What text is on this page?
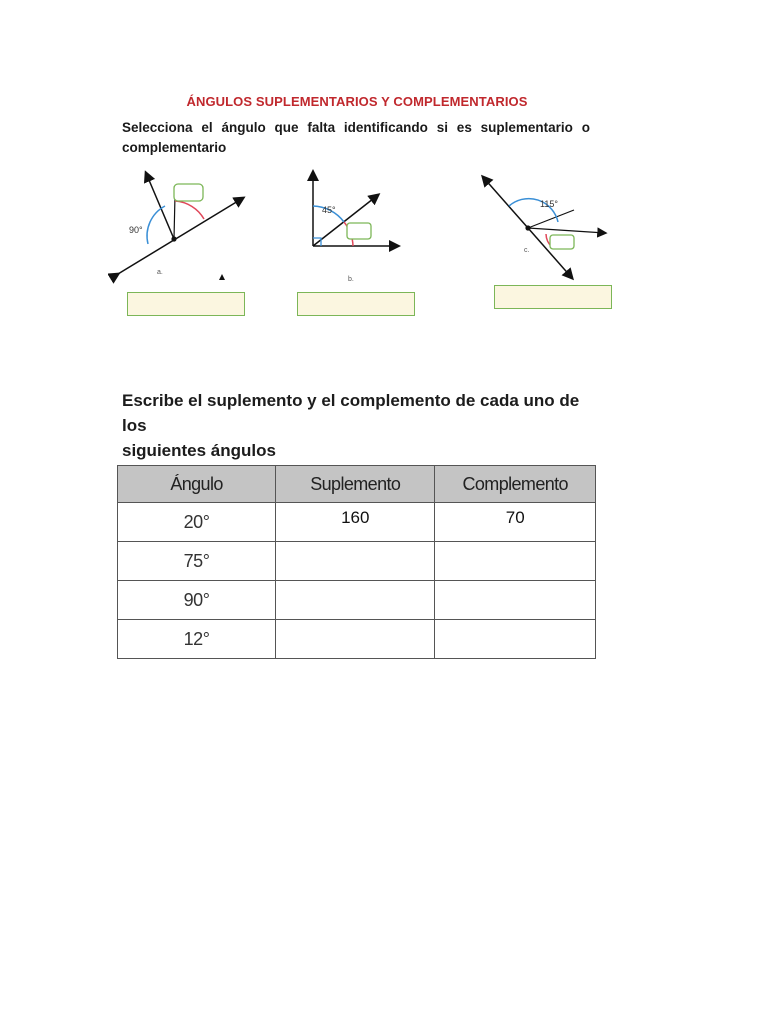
ÁNGULOS SUPLEMENTARIOS Y COMPLEMENTARIOS
Selecciona el ángulo que falta identificando si es suplementario o
complementario
90°
a.
45°
b.
115°
c.
Escribe el suplemento y el complemento de cada uno de los
siguientes ángulos
Ángulo	Suplemento	Complemento
20°	160	70
75°		
90°		
12°		
